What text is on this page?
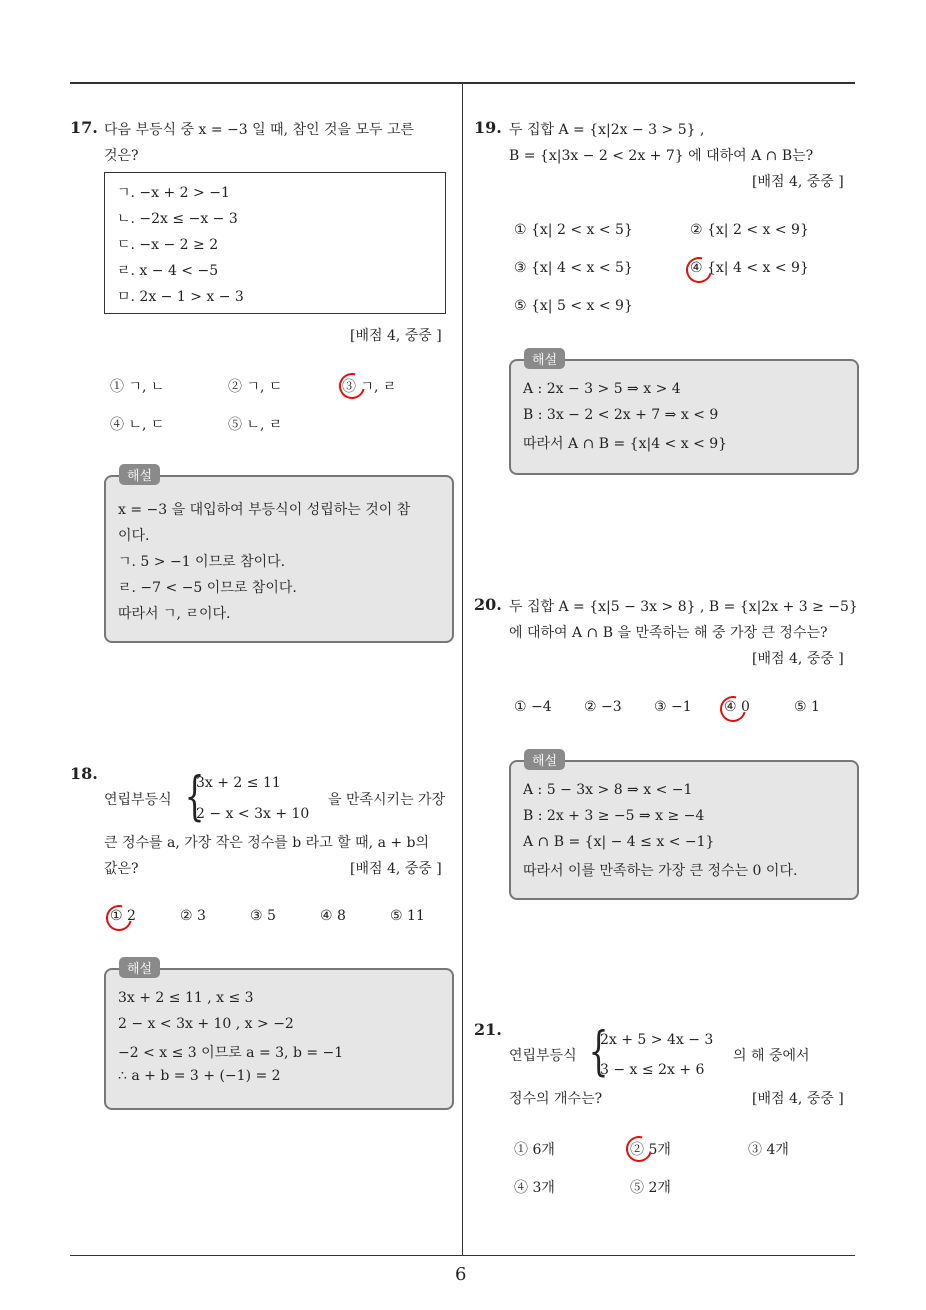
6
17. 다음 부등식 중 x = −3 일 때, 참인 것을 모두 고른
것은?
ㄱ. −x + 2 > −1
ㄴ. −2x ≤ −x − 3
ㄷ. −x − 2 ≥ 2
ㄹ. x − 4 < −5
ㅁ. 2x − 1 > x − 3
[배점 4, 중중 ]
① ㄱ, ㄴ	② ㄱ, ㄷ	③ ㄱ, ㄹ
④ ㄴ, ㄷ	⑤ ㄴ, ㄹ
x = −3 을 대입하여 부등식이 성립하는 것이 참
이다.
ㄱ. 5 > −1 이므로 참이다.
ㄹ. −7 < −5 이므로 참이다.
따라서 ㄱ, ㄹ이다.
해설
18.
연립부등식 {
3x + 2 ≤ 11
2 − x < 3x + 10
을 만족시키는 가장
큰 정수를 a, 가장 작은 정수를 b 라고 할 때, a + b의
값은?	[배점 4, 중중 ]
① 2	② 3	③ 5	④ 8	⑤ 11
3x + 2 ≤ 11 , x ≤ 3
2 − x < 3x + 10 , x > −2
−2 < x ≤ 3 이므로 a = 3, b = −1
∴ a + b = 3 + (−1) = 2
해설
19. 두 집합 A = {x|2x − 3 > 5} ,
B = {x|3x − 2 < 2x + 7} 에 대하여 A ∩ B는?
[배점 4, 중중 ]
① {x| 2 < x < 5}	② {x| 2 < x < 9}
③ {x| 4 < x < 5}	④ {x| 4 < x < 9}
⑤ {x| 5 < x < 9}
A : 2x − 3 > 5 ⇒ x > 4
B : 3x − 2 < 2x + 7 ⇒ x < 9
따라서 A ∩ B = {x|4 < x < 9}
해설
20. 두 집합 A = {x|5 − 3x > 8} , B = {x|2x + 3 ≥ −5}
에 대하여 A ∩ B 을 만족하는 해 중 가장 큰 정수는?
[배점 4, 중중 ]
① −4 ② −3 ③ −1 ④ 0	⑤ 1
A : 5 − 3x > 8 ⇒ x < −1
B : 2x + 3 ≥ −5 ⇒ x ≥ −4
A ∩ B = {x| − 4 ≤ x < −1}
따라서 이를 만족하는 가장 큰 정수는 0 이다.
해설
21.
연립부등식 {
2x + 5 > 4x − 3
3 − x ≤ 2x + 6
의 해 중에서
정수의 개수는?	[배점 4, 중중 ]
① 6개	② 5개	③ 4개
④ 3개	⑤ 2개
